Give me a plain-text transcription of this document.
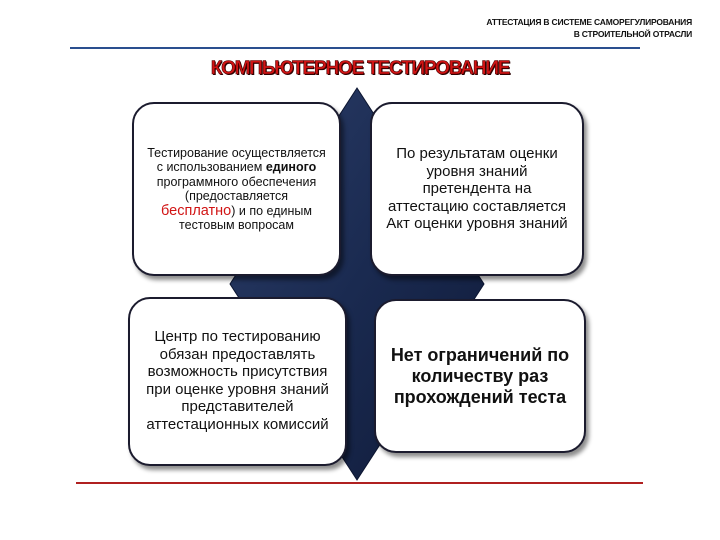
АТТЕСТАЦИЯ В СИСТЕМЕ САМОРЕГУЛИРОВАНИЯ
В СТРОИТЕЛЬНОЙ ОТРАСЛИ
КОМПЬЮТЕРНОЕ ТЕСТИРОВАНИЕ
Тестирование осуществляется с использованием единого программного обеспечения (предоставляется бесплатно) и по единым тестовым вопросам
По результатам оценки уровня знаний претендента на аттестацию составляется Акт оценки уровня знаний
Центр по тестированию обязан предоставлять возможность присутствия при оценке уровня знаний представителей аттестационных комиссий
Нет ограничений по количеству раз прохождений теста
